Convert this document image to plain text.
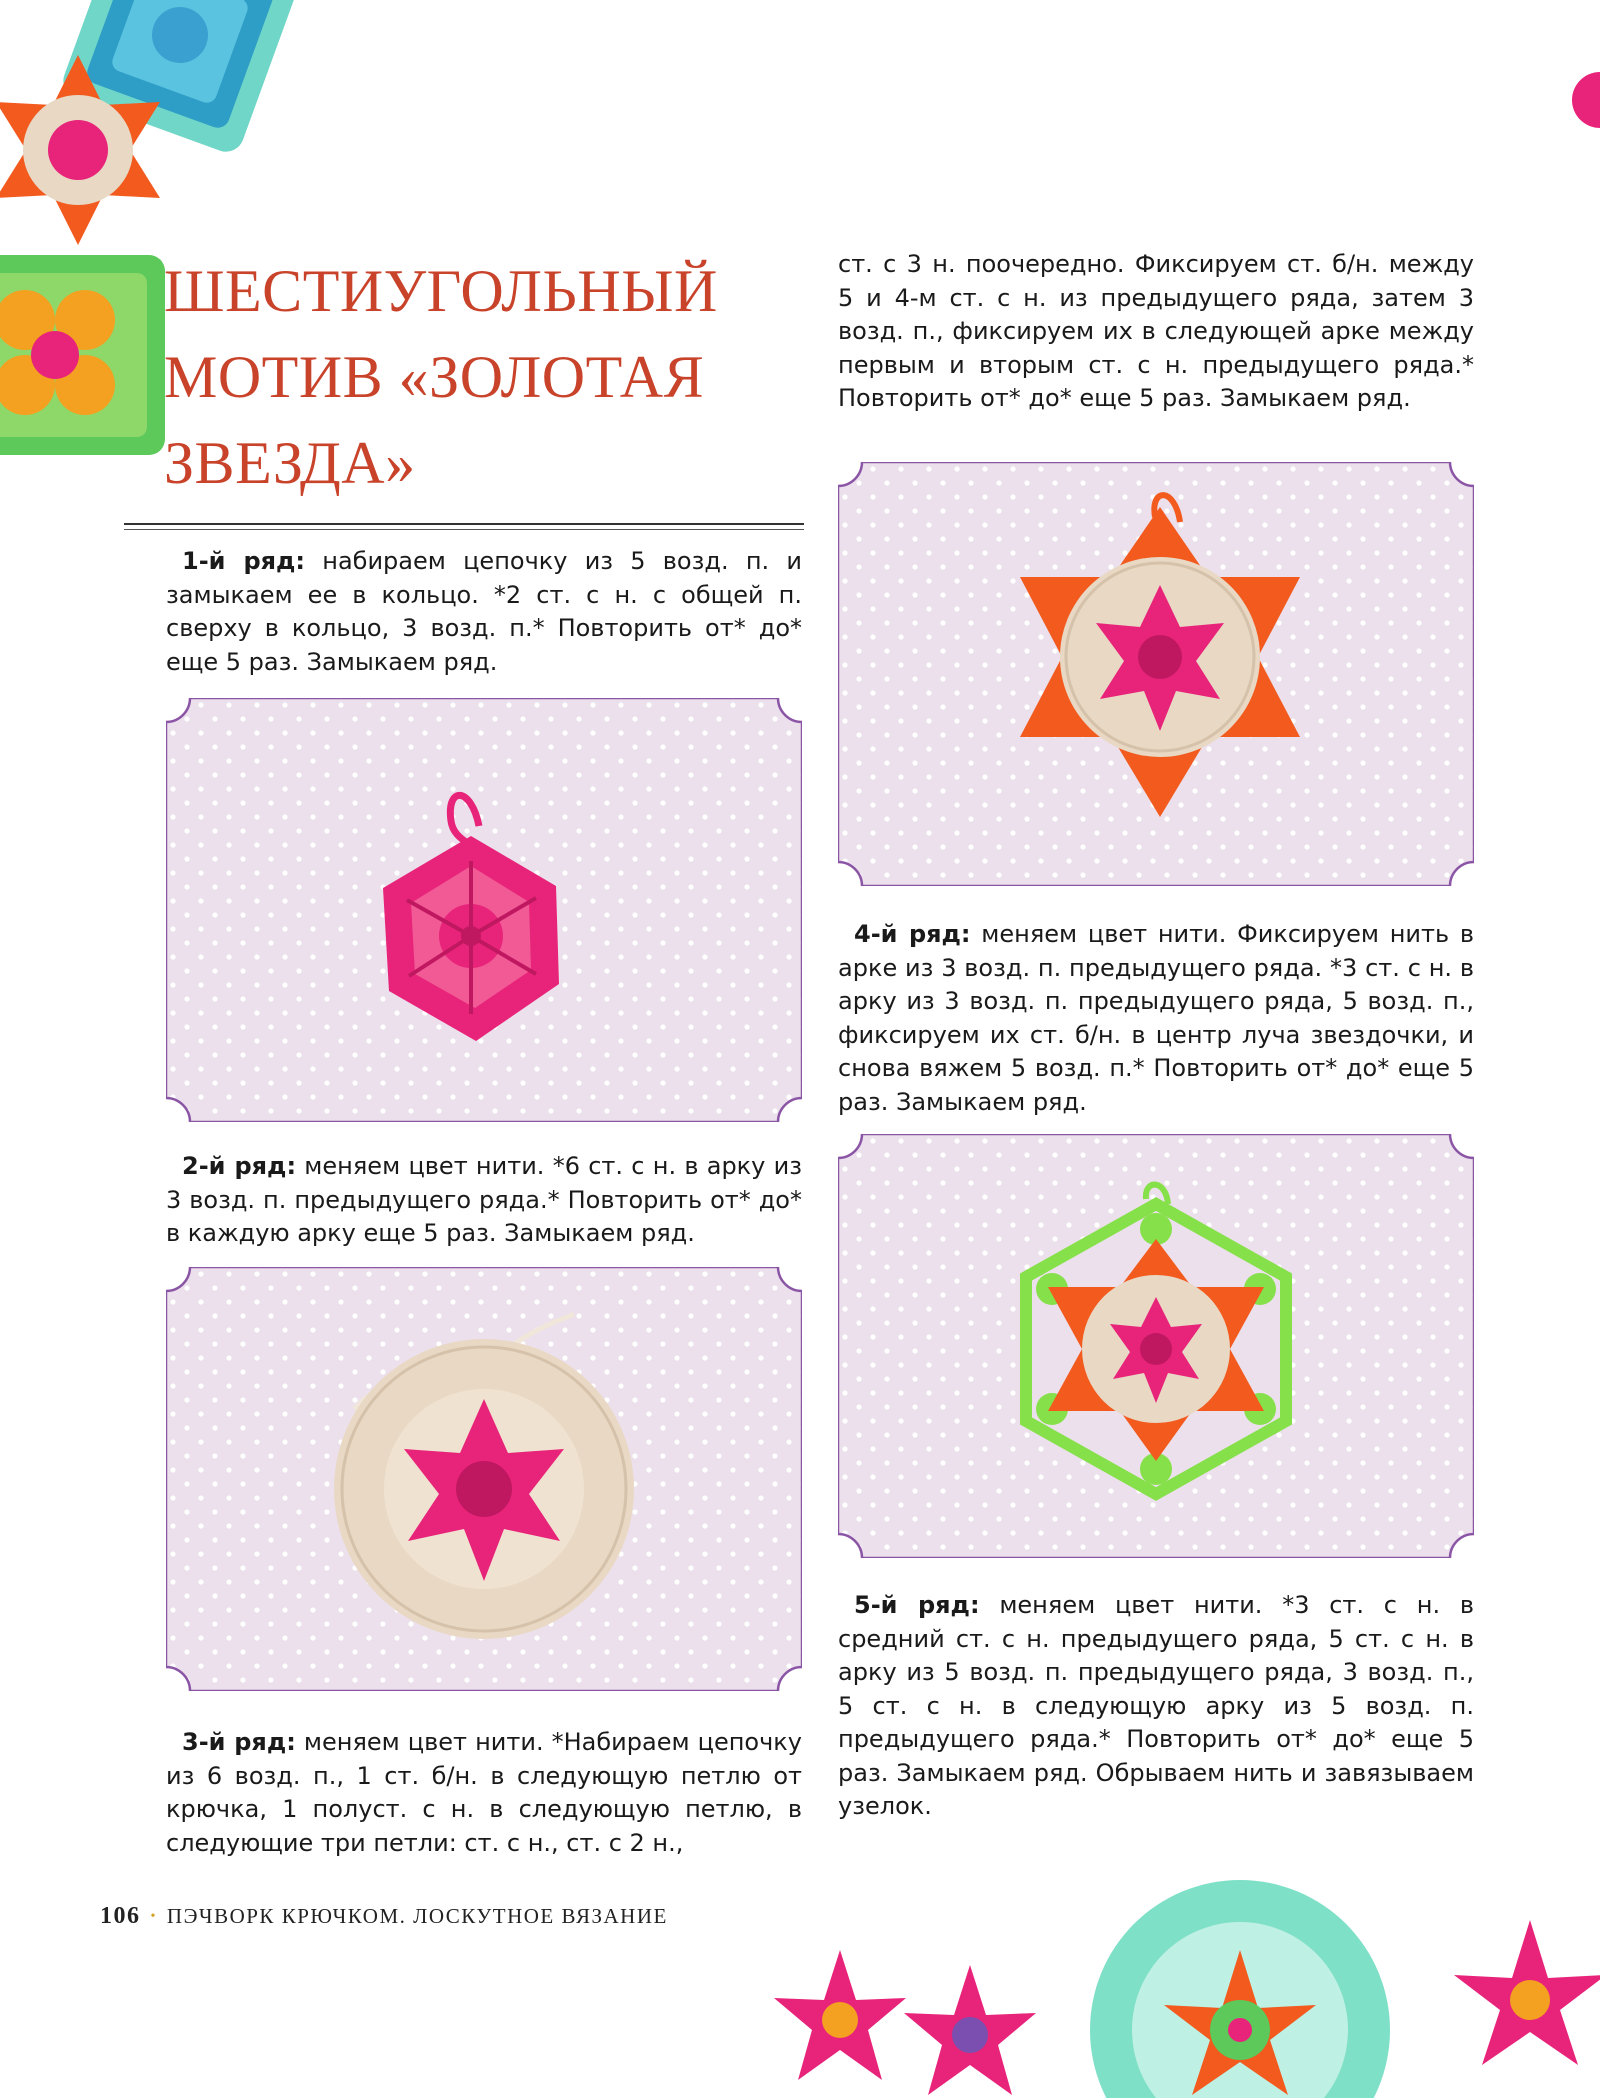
ШЕСТИУГОЛЬНЫЙ
МОТИВ «ЗОЛОТАЯ
ЗВЕЗДА»

1-й ряд: набираем цепочку из 5 возд. п. и замыкаем ее в кольцо. *2 ст. с н. с общей п. сверху в кольцо, 3 возд. п.* Повторить от* до* еще 5 раз. Замыкаем ряд.

2-й ряд: меняем цвет нити. *6 ст. с н. в арку из 3 возд. п. предыдущего ряда.* Повторить от* до* в каждую арку еще 5 раз. Замыкаем ряд.

3-й ряд: меняем цвет нити. *Набираем цепочку из 6 возд. п., 1 ст. б/н. в следующую петлю от крючка, 1 полуст. с н. в следующую петлю, в следующие три петли: ст. с н., ст. с 2 н.,

ст. с 3 н. поочередно. Фиксируем ст. б/н. между 5 и 4-м ст. с н. из предыдущего ряда, затем 3 возд. п., фиксируем их в следующей арке между первым и вторым ст. с н. предыдущего ряда.* Повторить от* до* еще 5 раз. Замыкаем ряд.

4-й ряд: меняем цвет нити. Фиксируем нить в арке из 3 возд. п. предыдущего ряда. *3 ст. с н. в арку из 3 возд. п. предыдущего ряда, 5 возд. п., фиксируем их ст. б/н. в центр луча звездочки, и снова вяжем 5 возд. п.* Повторить от* до* еще 5 раз. Замыкаем ряд.

5-й ряд: меняем цвет нити. *3 ст. с н. в средний ст. с н. предыдущего ряда, 5 ст. с н. в арку из 5 возд. п. предыдущего ряда, 3 возд. п., 5 ст. с н. в следующую арку из 5 возд. п. предыдущего ряда.* Повторить от* до* еще 5 раз. Замыкаем ряд. Обрываем нить и завязываем узелок.

106 • ПЭЧВОРК КРЮЧКОМ. ЛОСКУТНОЕ ВЯЗАНИЕ
